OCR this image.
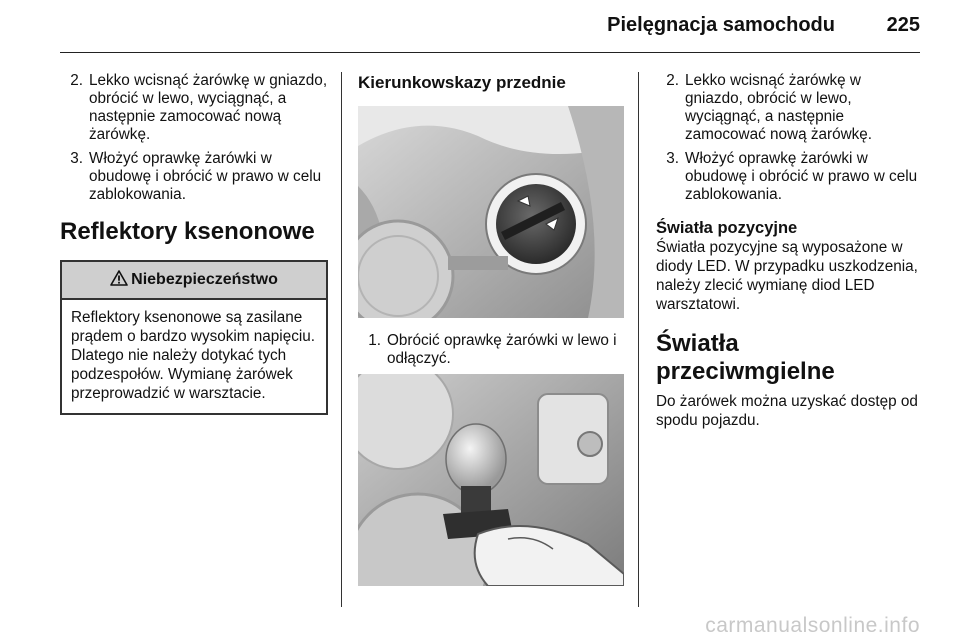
Pielęgnacja samochodu	225
2 . Lekko wcisnąć żarówkę w gniazdo, obrócić w lewo, wyciągnąć, a następnie zamocować nową żarówkę.
3 . Włożyć oprawkę żarówki w obudowę i obrócić w prawo w celu zablokowania.
Reflektory ksenonowe
Niebezpieczeństwo
Reflektory ksenonowe są zasilane prądem o bardzo wysokim napięciu. Dlatego nie należy dotykać tych podzespołów. Wymianę żarówek przeprowadzić w warsztacie.
Kierunkowskazy przednie
1 . Obrócić oprawkę żarówki w lewo i odłączyć.
2 . Lekko wcisnąć żarówkę w gniazdo, obrócić w lewo, wyciągnąć, a następnie zamocować nową żarówkę.
3 . Włożyć oprawkę żarówki w obudowę i obrócić w prawo w celu zablokowania.
Światła pozycyjne
Światła pozycyjne są wyposażone w diody LED. W przypadku uszkodzenia, należy zlecić wymianę diod LED warsztatowi.
Światła przeciwmgielne
Do żarówek można uzyskać dostęp od spodu pojazdu.
carmanualsonline.info
